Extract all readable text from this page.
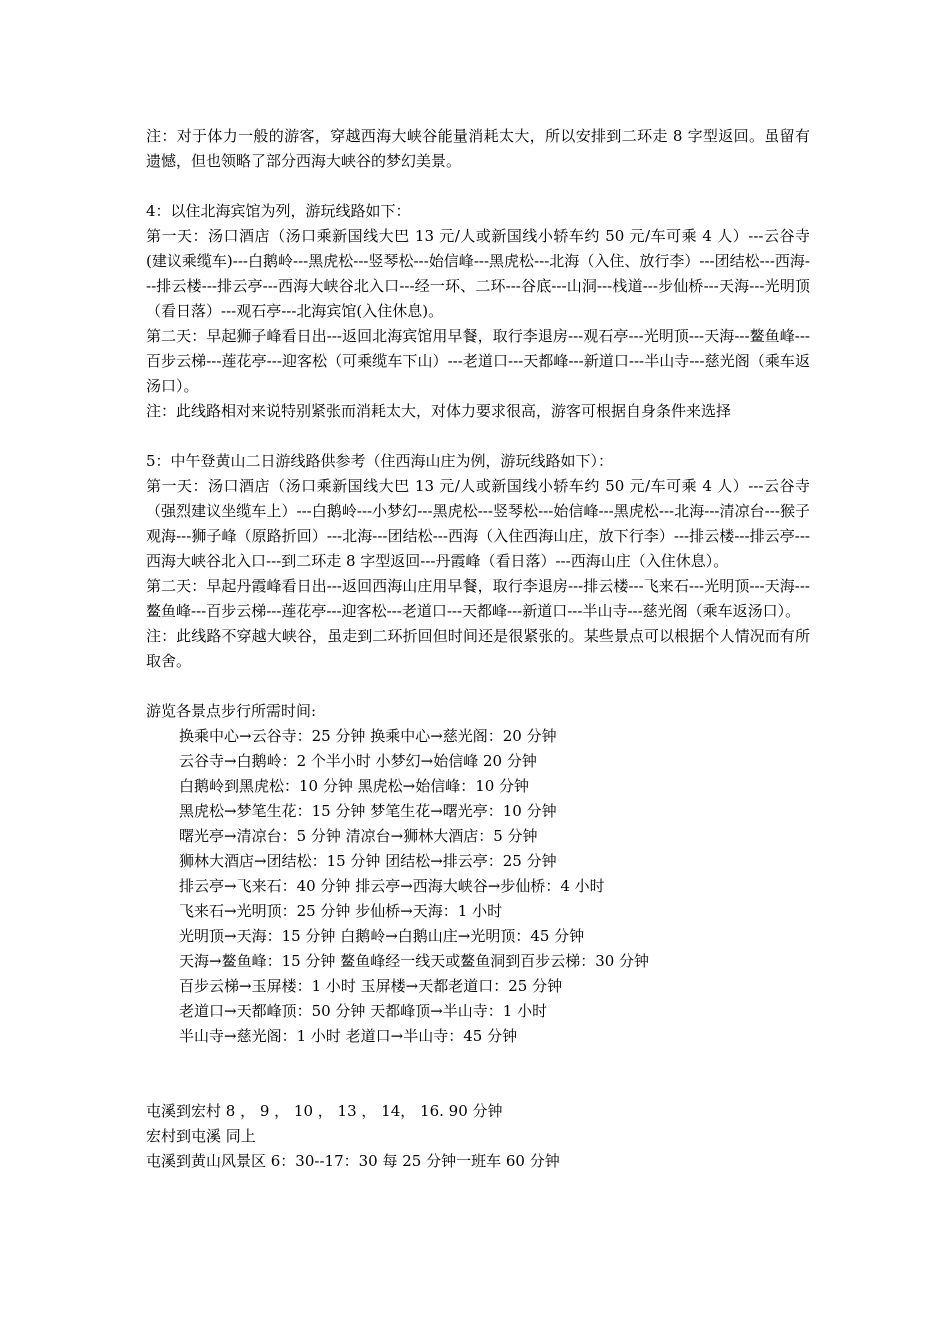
注：对于体力一般的游客，穿越西海大峡谷能量消耗太大，所以安排到二环走 8 字型返回。虽留有遗憾，但也领略了部分西海大峡谷的梦幻美景。

4：以住北海宾馆为列，游玩线路如下：

第一天：汤口酒店（汤口乘新国线大巴 13 元/人或新国线小轿车约 50 元/车可乘 4 人）---云谷寺 (建议乘缆车)---白鹅岭---黑虎松---竖琴松---始信峰---黑虎松---北海（入住、放行李）---团结松---西海---排云楼---排云亭---西海大峡谷北入口---经一环、二环---谷底---山洞---栈道---步仙桥---天海---光明顶（看日落）---观石亭---北海宾馆(入住休息)。

第二天：早起狮子峰看日出---返回北海宾馆用早餐，取行李退房---观石亭---光明顶---天海---鳌鱼峰---百步云梯---莲花亭---迎客松（可乘缆车下山）---老道口---天都峰---新道口---半山寺---慈光阁（乘车返汤口）。

注：此线路相对来说特别紧张而消耗太大，对体力要求很高，游客可根据自身条件来选择

5：中午登黄山二日游线路供参考（住西海山庄为例，游玩线路如下）：

第一天：汤口酒店（汤口乘新国线大巴 13 元/人或新国线小轿车约 50 元/车可乘 4 人）---云谷寺（强烈建议坐缆车上）---白鹅岭---小梦幻---黑虎松---竖琴松---始信峰---黑虎松---北海---清凉台---猴子观海---狮子峰（原路折回）---北海---团结松---西海（入住西海山庄，放下行李）---排云楼---排云亭---西海大峡谷北入口---到二环走 8 字型返回---丹霞峰（看日落）---西海山庄（入住休息）。

第二天：早起丹霞峰看日出---返回西海山庄用早餐，取行李退房---排云楼---飞来石---光明顶---天海---鳌鱼峰---百步云梯---莲花亭---迎客松---老道口---天都峰---新道口---半山寺---慈光阁（乘车返汤口）。

注：此线路不穿越大峡谷，虽走到二环折回但时间还是很紧张的。某些景点可以根据个人情况而有所取舍。

游览各景点步行所需时间:

换乘中心→云谷寺：25 分钟 换乘中心→慈光阁：20 分钟

云谷寺→白鹅岭：2 个半小时 小梦幻→始信峰 20 分钟

白鹅岭到黑虎松：10 分钟 黑虎松→始信峰：10 分钟

黑虎松→梦笔生花：15 分钟 梦笔生花→曙光亭：10 分钟

曙光亭→清凉台：5 分钟 清凉台→狮林大酒店：5 分钟

狮林大酒店→团结松：15 分钟 团结松→排云亭：25 分钟

排云亭→飞来石：40 分钟 排云亭→西海大峡谷→步仙桥：4 小时

飞来石→光明顶：25 分钟 步仙桥→天海：1 小时

光明顶→天海：15 分钟 白鹅岭→白鹅山庄→光明顶：45 分钟

天海→鳌鱼峰：15 分钟 鳌鱼峰经一线天或鳌鱼洞到百步云梯：30 分钟

百步云梯→玉屏楼：1 小时 玉屏楼→天都老道口：25 分钟

老道口→天都峰顶：50 分钟 天都峰顶→半山寺：1 小时

半山寺→慈光阁：1 小时 老道口→半山寺：45 分钟

屯溪到宏村 8 ， 9 ， 10 ， 13 ， 14， 16. 90 分钟

宏村到屯溪 同上

屯溪到黄山风景区 6：30--17：30 每 25 分钟一班车 60 分钟
